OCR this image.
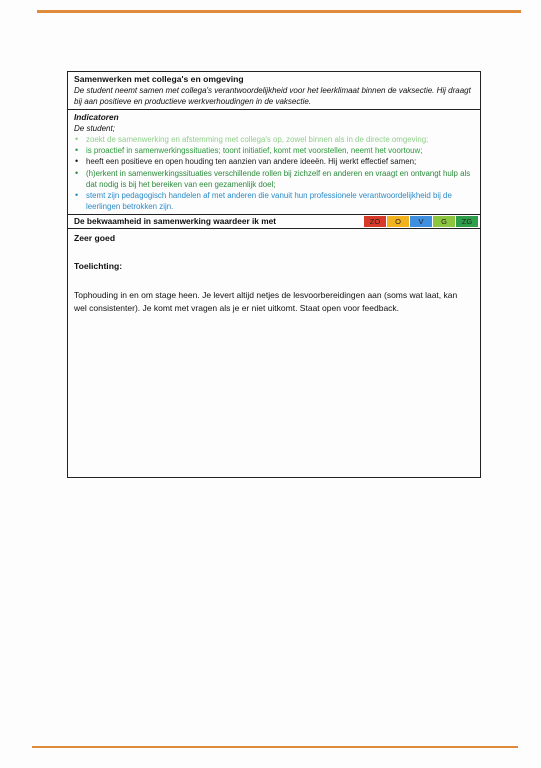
Samenwerken met collega's en omgeving
De student neemt samen met collega's verantwoordelijkheid voor het leerklimaat binnen de vaksectie. Hij draagt bij aan positieve en productieve werkverhoudingen in de vaksectie.
Indicatoren
De student;
• zoekt de samenwerking en afstemming met collega's op, zowel binnen als in de directe omgeving;
• is proactief in samenwerkingssituaties; toont initiatief, komt met voorstellen, neemt het voortouw;
• heeft een positieve en open houding ten aanzien van andere ideeën. Hij werkt effectief samen;
• (h)erkent in samenwerkingssituaties verschillende rollen bij zichzelf en anderen en vraagt en ontvangt hulp als dat nodig is bij het bereiken van een gezamenlijk doel;
• stemt zijn pedagogisch handelen af met anderen die vanuit hun professionele verantwoordelijkheid bij de leerlingen betrokken zijn.
De bekwaamheid in samenwerking waardeer ik met	ZO	O	V	G	ZG
Zeer goed
Toelichting:
Tophouding in en om stage heen. Je levert altijd netjes de lesvoorbereidingen aan (soms wat laat, kan wel consistenter). Je komt met vragen als je er niet uitkomt. Staat open voor feedback.
